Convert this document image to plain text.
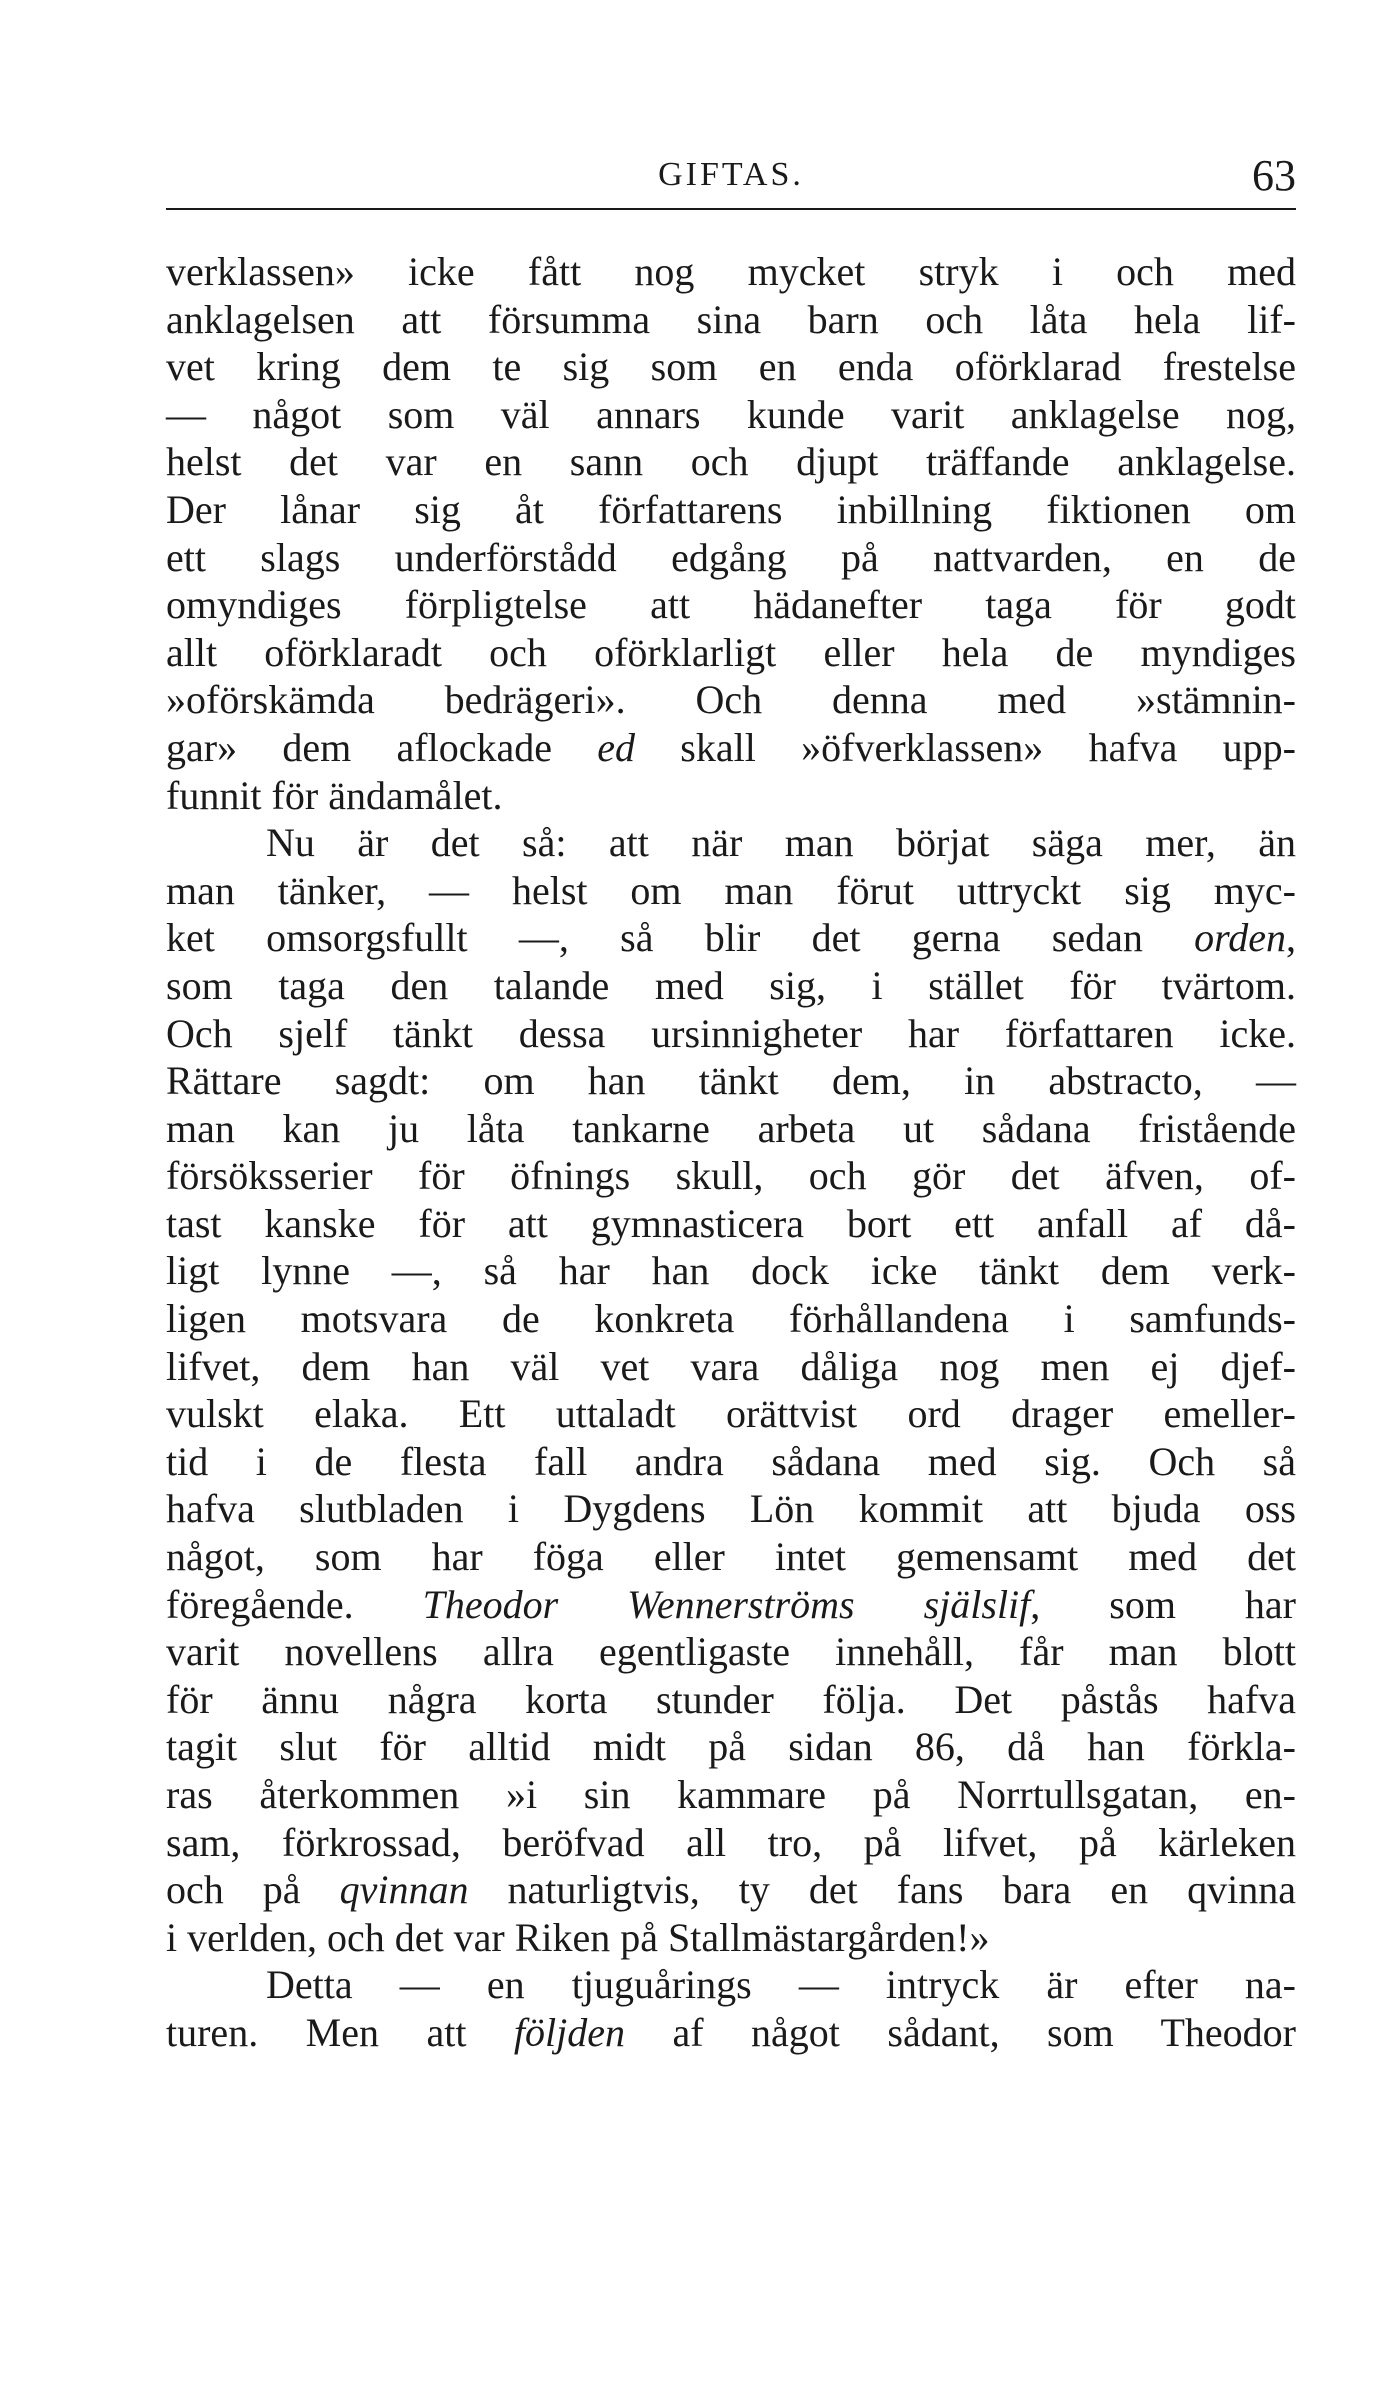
GIFTAS.	63
verklassen» icke fått nog mycket stryk i och med
anklagelsen att försumma sina barn och låta hela lif-
vet kring dem te sig som en enda oförklarad frestelse
— något som väl annars kunde varit anklagelse nog,
helst det var en sann och djupt träffande anklagelse.
Der lånar sig åt författarens inbillning fiktionen om
ett slags underförstådd edgång på nattvarden, en de
omyndiges förpligtelse att hädanefter taga för godt
allt oförklaradt och oförklarligt eller hela de myndiges
»oförskämda bedrägeri». Och denna med »stämnin-
gar» dem aflockade ed skall »öfverklassen» hafva upp-
funnit för ändamålet.
Nu är det så: att när man börjat säga mer, än
man tänker, — helst om man förut uttryckt sig myc-
ket omsorgsfullt —, så blir det gerna sedan orden,
som taga den talande med sig, i stället för tvärtom.
Och sjelf tänkt dessa ursinnigheter har författaren icke.
Rättare sagdt: om han tänkt dem, in abstracto, —
man kan ju låta tankarne arbeta ut sådana fristående
försöksserier för öfnings skull, och gör det äfven, of-
tast kanske för att gymnasticera bort ett anfall af då-
ligt lynne —, så har han dock icke tänkt dem verk-
ligen motsvara de konkreta förhållandena i samfunds-
lifvet, dem han väl vet vara dåliga nog men ej djef-
vulskt elaka. Ett uttaladt orättvist ord drager emeller-
tid i de flesta fall andra sådana med sig. Och så
hafva slutbladen i Dygdens Lön kommit att bjuda oss
något, som har föga eller intet gemensamt med det
föregående. Theodor Wennerströms själslif, som har
varit novellens allra egentligaste innehåll, får man blott
för ännu några korta stunder följa. Det påstås hafva
tagit slut för alltid midt på sidan 86, då han förkla-
ras återkommen »i sin kammare på Norrtullsgatan, en-
sam, förkrossad, beröfvad all tro, på lifvet, på kärleken
och på qvinnan naturligtvis, ty det fans bara en qvinna
i verlden, och det var Riken på Stallmästargården!»
Detta — en tjuguårings — intryck är efter na-
turen. Men att följden af något sådant, som Theodor
